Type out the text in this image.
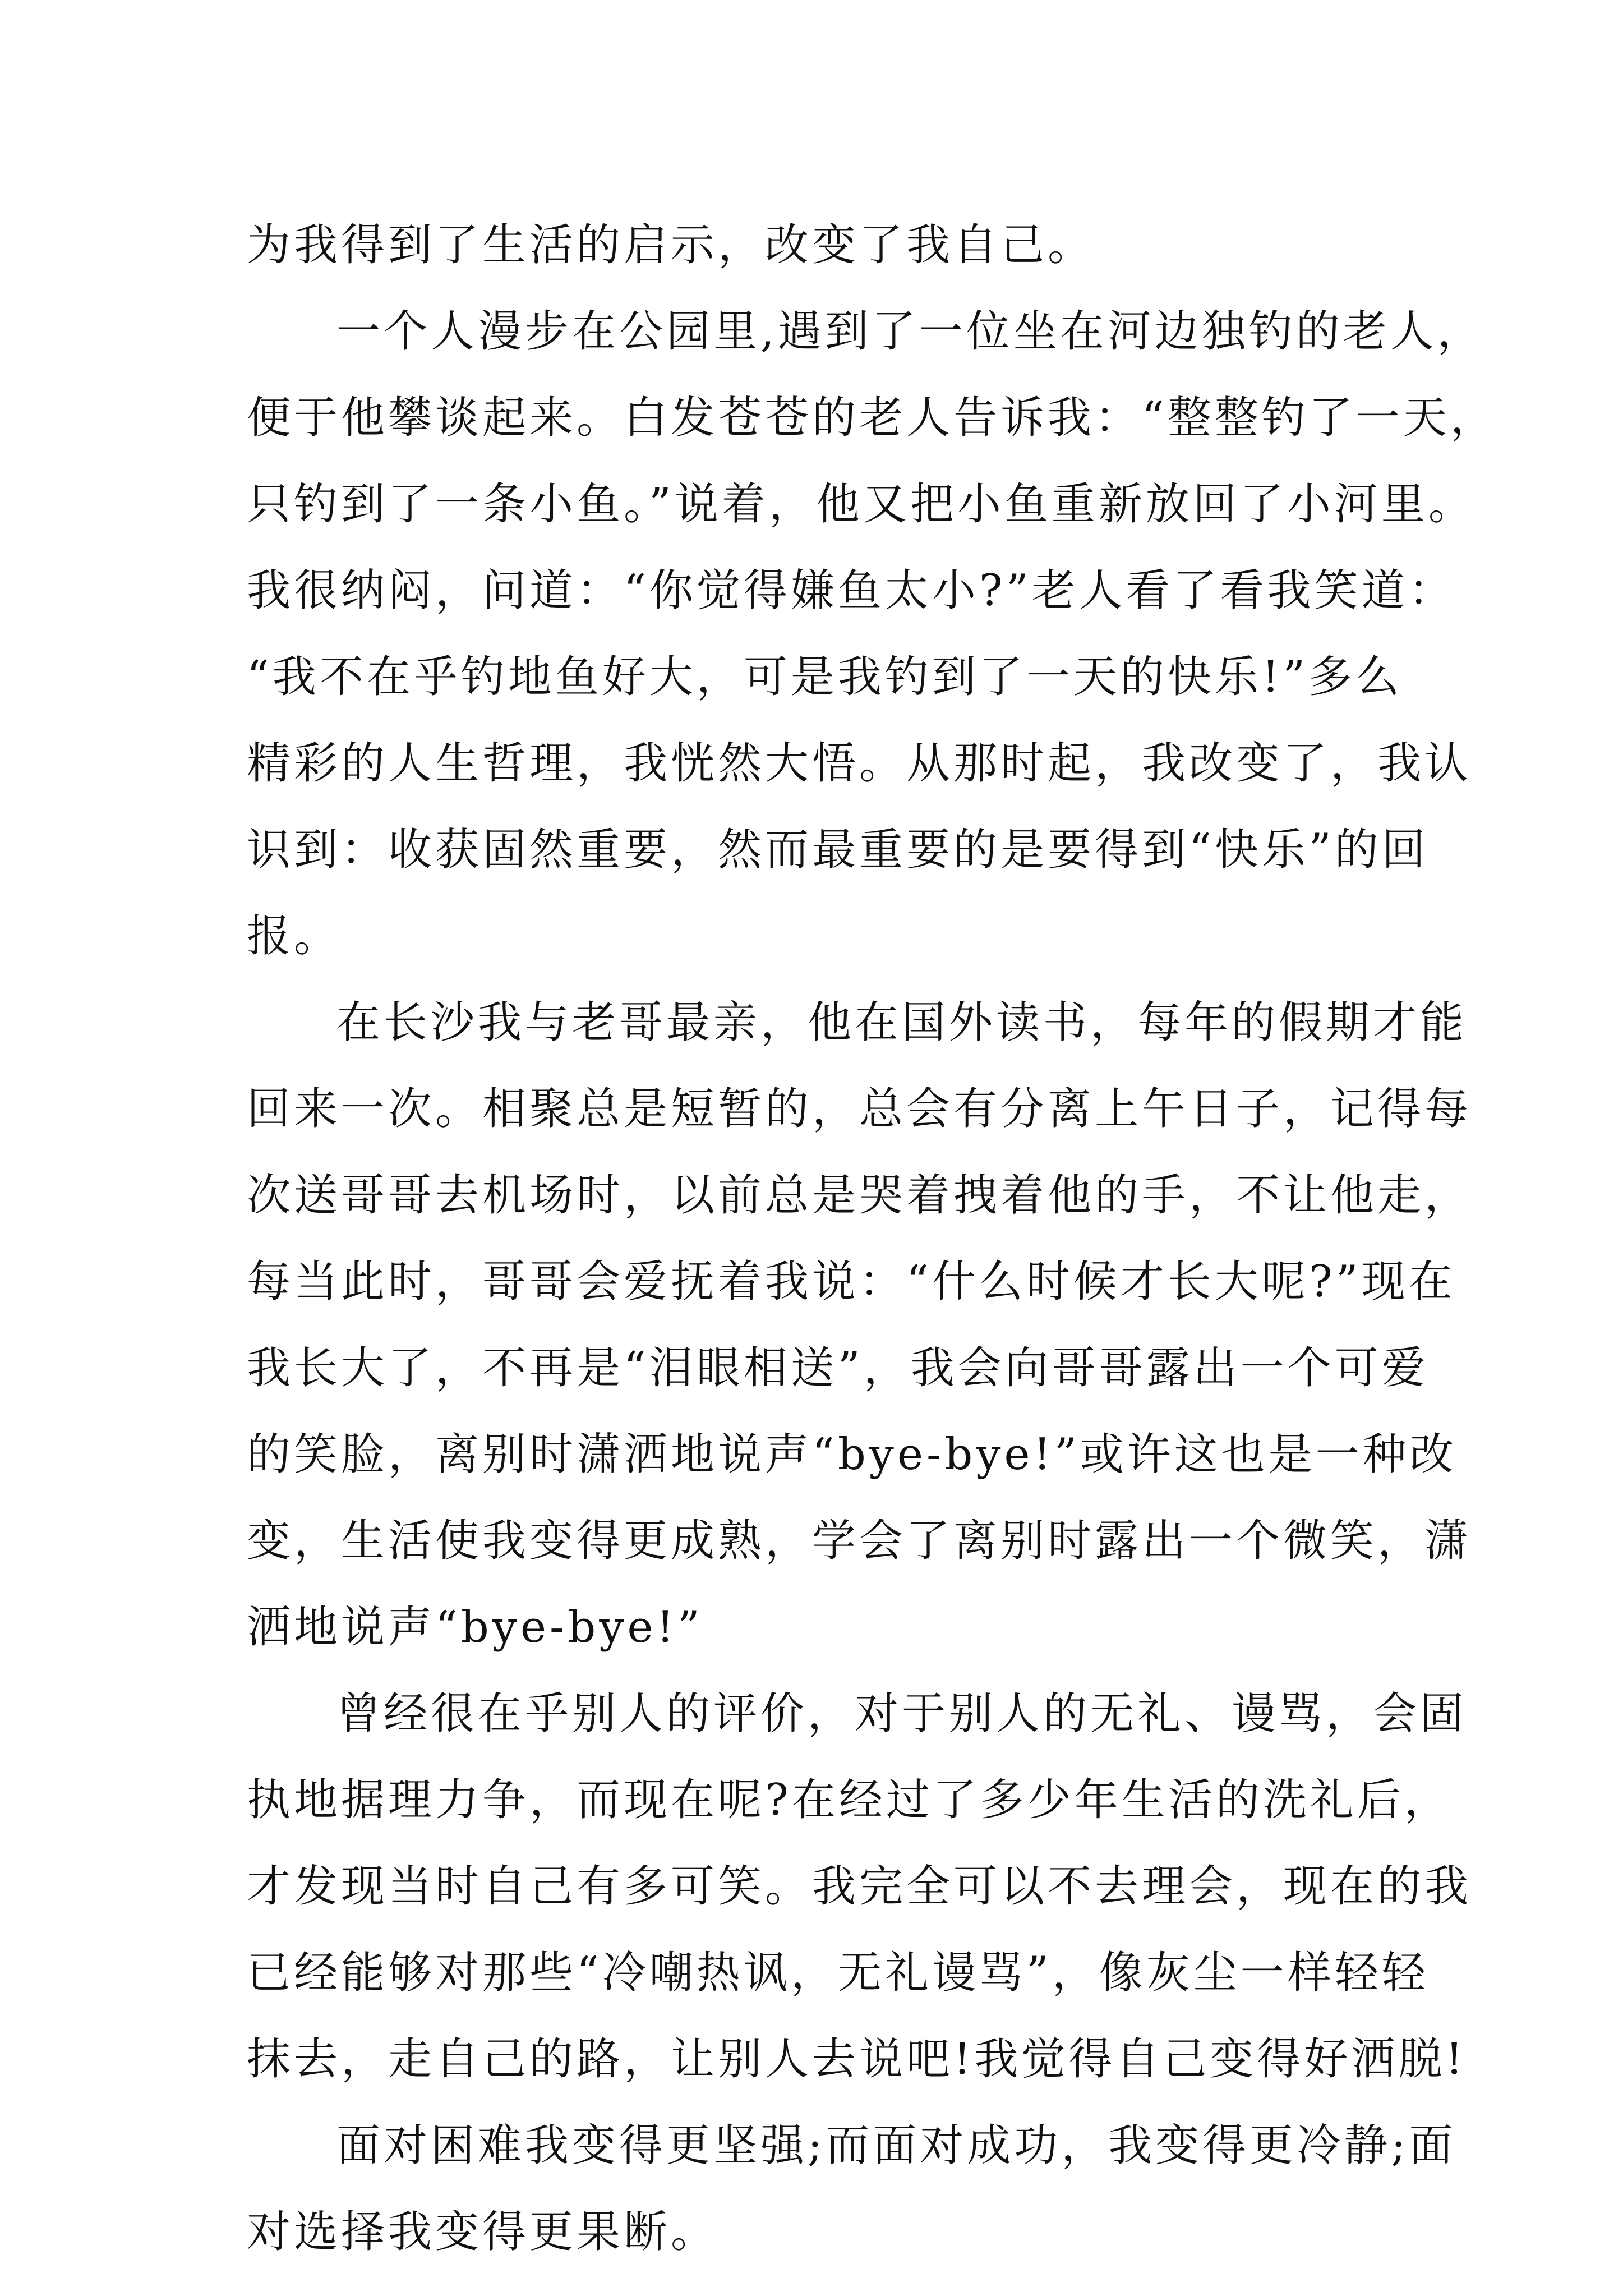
为我得到了生活的启示，改变了我自己。
一个人漫步在公园里,遇到了一位坐在河边独钓的老人，
便于他攀谈起来。白发苍苍的老人告诉我：“整整钓了一天，
只钓到了一条小鱼。”说着，他又把小鱼重新放回了小河里。
我很纳闷，问道：“你觉得嫌鱼太小?”老人看了看我笑道：
“我不在乎钓地鱼好大，可是我钓到了一天的快乐!”多么
精彩的人生哲理，我恍然大悟。从那时起，我改变了，我认
识到：收获固然重要，然而最重要的是要得到“快乐”的回
报。
在长沙我与老哥最亲，他在国外读书，每年的假期才能
回来一次。相聚总是短暂的，总会有分离上午日子，记得每
次送哥哥去机场时，以前总是哭着拽着他的手，不让他走，
每当此时，哥哥会爱抚着我说：“什么时候才长大呢?”现在
我长大了，不再是“泪眼相送”，我会向哥哥露出一个可爱
的笑脸，离别时潇洒地说声“bye-bye!”或许这也是一种改
变，生活使我变得更成熟，学会了离别时露出一个微笑，潇
洒地说声“bye-bye!”
曾经很在乎别人的评价，对于别人的无礼、谩骂，会固
执地据理力争，而现在呢?在经过了多少年生活的洗礼后，
才发现当时自己有多可笑。我完全可以不去理会，现在的我
已经能够对那些“冷嘲热讽，无礼谩骂”，像灰尘一样轻轻
抹去，走自己的路，让别人去说吧!我觉得自己变得好洒脱!
面对困难我变得更坚强;而面对成功，我变得更冷静;面
对选择我变得更果断。
